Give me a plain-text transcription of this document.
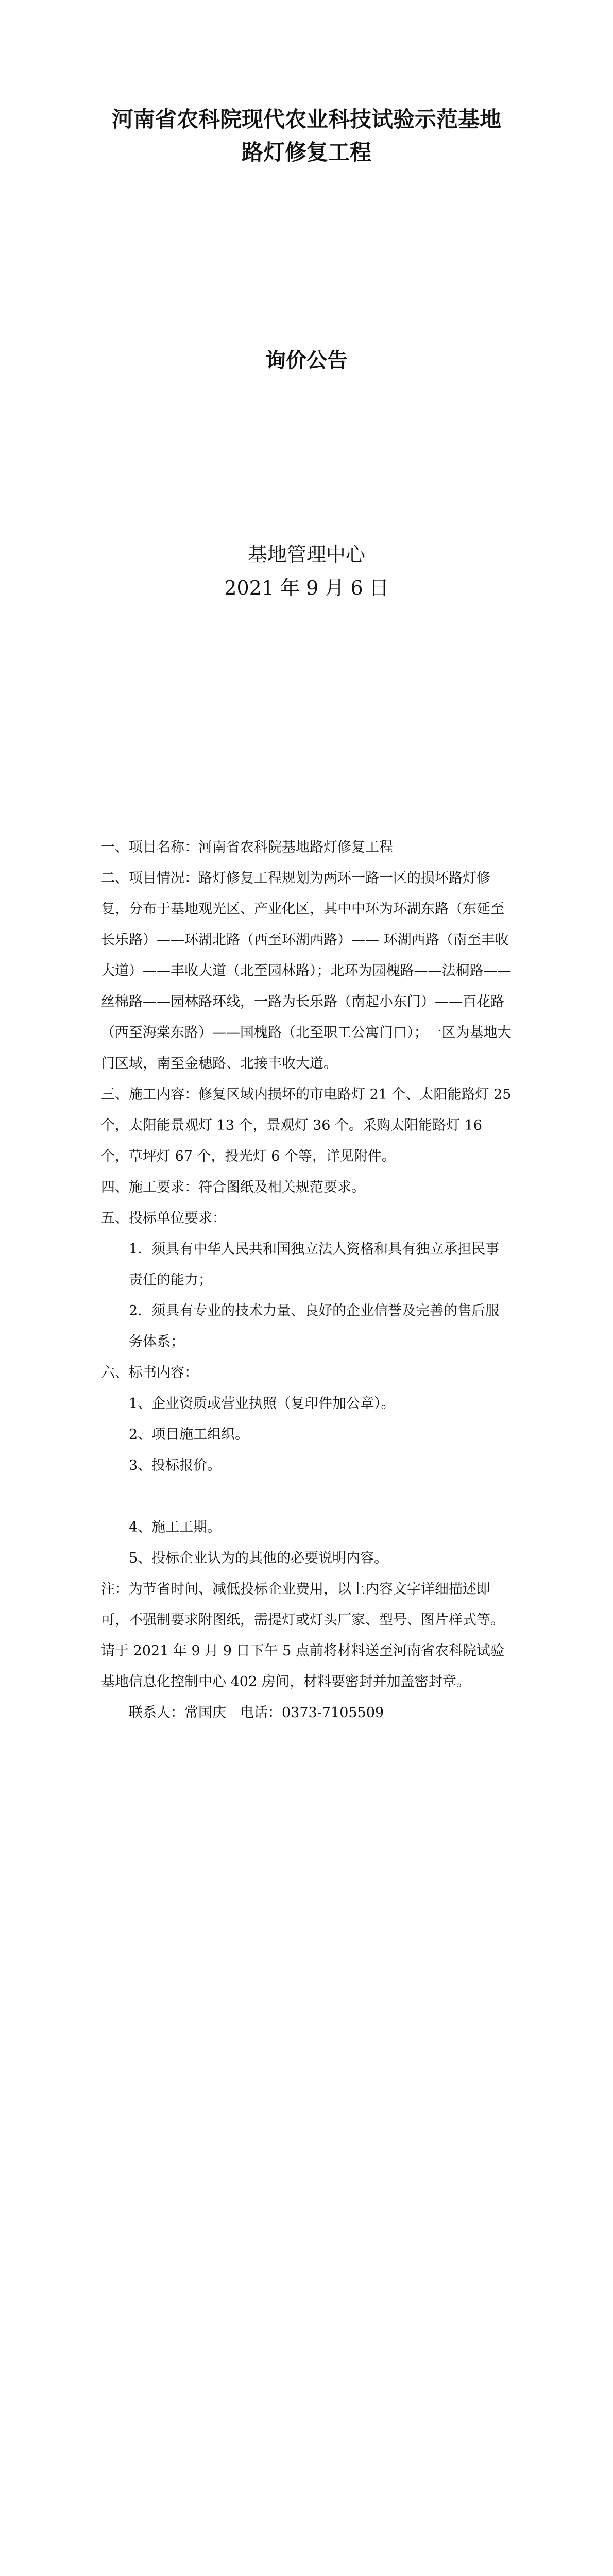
河南省农科院现代农业科技试验示范基地
路灯修复工程
询价公告
基地管理中心
2021 年 9 月 6 日

一、项目名称：河南省农科院基地路灯修复工程

二、项目情况：路灯修复工程规划为两环一路一区的损坏路灯修复，分布于基地观光区、产业化区，其中中环为环湖东路（东延至长乐路）——环湖北路（西至环湖西路）—— 环湖西路（南至丰收大道）——丰收大道（北至园林路）；北环为园槐路——法桐路——丝棉路——园林路环线，一路为长乐路（南起小东门）——百花路（西至海棠东路）——国槐路（北至职工公寓门口）；一区为基地大门区域，南至金穗路、北接丰收大道。

三、施工内容：修复区域内损坏的市电路灯 21 个、太阳能路灯 25 个，太阳能景观灯 13 个，景观灯 36 个。采购太阳能路灯 16 个，草坪灯 67 个，投光灯 6 个等，详见附件。

四、施工要求：符合图纸及相关规范要求。

五、投标单位要求：

1．须具有中华人民共和国独立法人资格和具有独立承担民事责任的能力；

2．须具有专业的技术力量、良好的企业信誉及完善的售后服务体系；

六、标书内容：

1、企业资质或营业执照（复印件加公章）。

2、项目施工组织。

3、投标报价。

4、施工工期。

5、投标企业认为的其他的必要说明内容。

注：为节省时间、减低投标企业费用，以上内容文字详细描述即可，不强制要求附图纸，需提灯或灯头厂家、型号、图片样式等。请于 2021 年 9 月 9 日下午 5 点前将材料送至河南省农科院试验基地信息化控制中心 402 房间，材料要密封并加盖密封章。

联系人：常国庆　电话：0373-7105509
